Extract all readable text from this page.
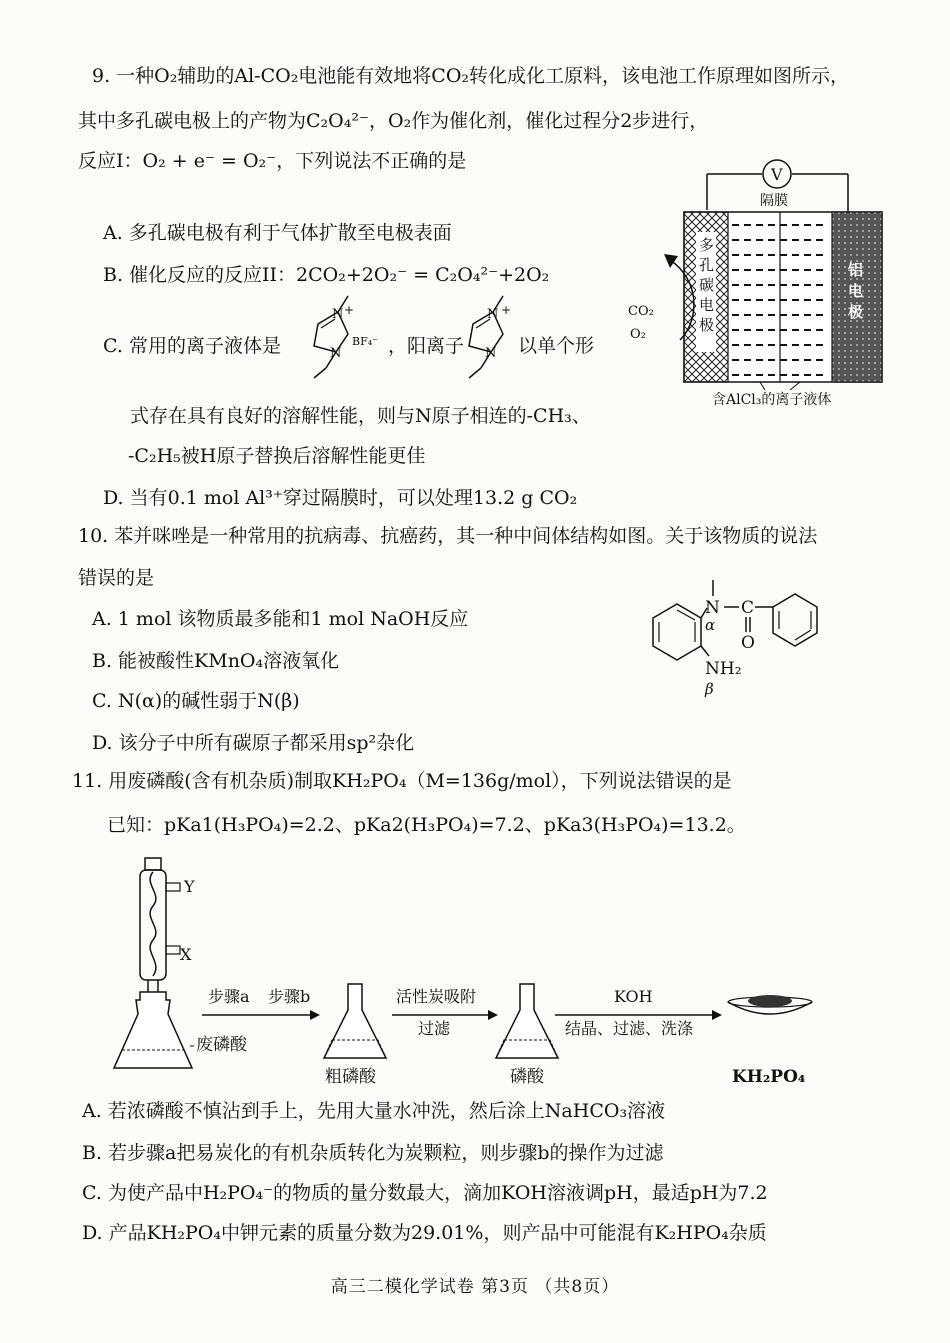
9. 一种O₂辅助的Al-CO₂电池能有效地将CO₂转化成化工原料，该电池工作原理如图所示，
其中多孔碳电极上的产物为C₂O₄²⁻，O₂作为催化剂，催化过程分2步进行，
反应I：O₂ + e⁻ = O₂⁻，下列说法不正确的是
A. 多孔碳电极有利于气体扩散至电极表面
B. 催化反应的反应II：2CO₂+2O₂⁻ = C₂O₄²⁻+2O₂
C. 常用的离子液体是
N
N
+
BF₄⁻ ，阳离子
N
N
+
以单个形
式存在具有良好的溶解性能，则与N原子相连的-CH₃、
-C₂H₅被H原子替换后溶解性能更佳
D. 当有0.1 mol Al³⁺穿过隔膜时，可以处理13.2 g CO₂
V
隔膜
多
孔
碳
电
极
铝
电
极
CO₂
O₂
含AlCl₃的离子液体
10. 苯并咪唑是一种常用的抗病毒、抗癌药，其一种中间体结构如图。关于该物质的说法
错误的是
A. 1 mol 该物质最多能和1 mol NaOH反应
B. 能被酸性KMnO₄溶液氧化
C. N(α)的碱性弱于N(β)
D. 该分子中所有碳原子都采用sp²杂化
N
α
C
O
NH₂
β
11. 用废磷酸(含有机杂质)制取KH₂PO₄（M=136g/mol），下列说法错误的是
已知：pKa1(H₃PO₄)=2.2、pKa2(H₃PO₄)=7.2、pKa3(H₃PO₄)=13.2。
Y
X
废磷酸
步骤a 步骤b
粗磷酸
活性炭吸附
过滤
磷酸
KOH
结晶、过滤、洗涤
KH₂PO₄
A. 若浓磷酸不慎沾到手上，先用大量水冲洗，然后涂上NaHCO₃溶液
B. 若步骤a把易炭化的有机杂质转化为炭颗粒，则步骤b的操作为过滤
C. 为使产品中H₂PO₄⁻的物质的量分数最大，滴加KOH溶液调pH，最适pH为7.2
D. 产品KH₂PO₄中钾元素的质量分数为29.01%，则产品中可能混有K₂HPO₄杂质
高三二模化学试卷 第3页 （共8页）
